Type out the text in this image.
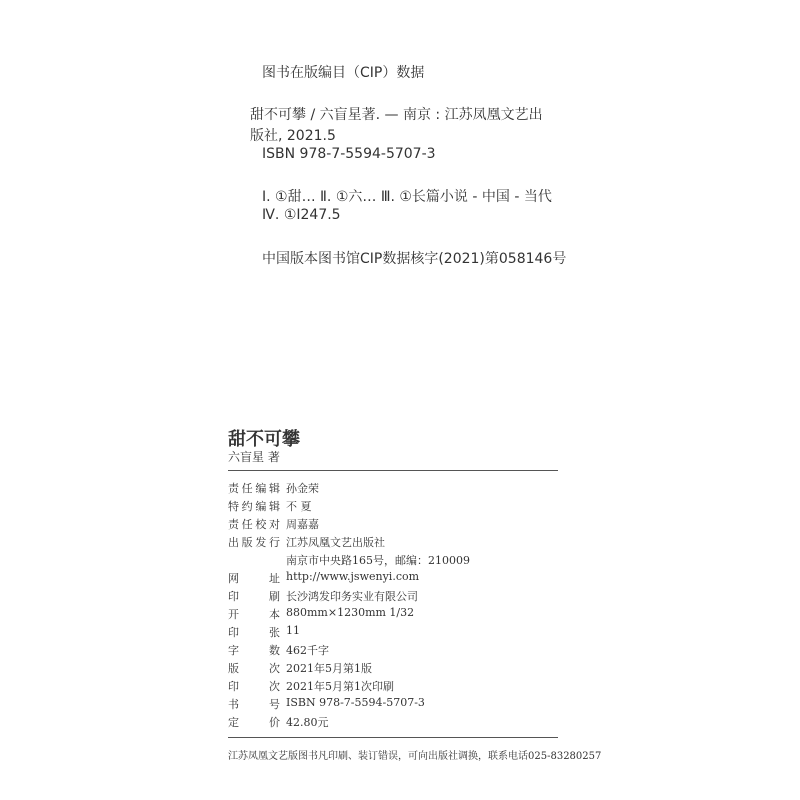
图书在版编目（CIP）数据
甜不可攀 / 六盲星著. — 南京 : 江苏凤凰文艺出
版社, 2021.5
ISBN 978-7-5594-5707-3
Ⅰ. ①甜… Ⅱ. ①六… Ⅲ. ①长篇小说 - 中国 - 当代
Ⅳ. ①I247.5
中国版本图书馆CIP数据核字(2021)第058146号
甜不可攀
六盲星 著
责 任 编 辑 孙金荣
特 约 编 辑 不 夏
责 任 校 对 周嘉嘉
出 版 发 行 江苏凤凰文艺出版社
南京市中央路165号，邮编：210009
网	址 http://www.jswenyi.com
印	刷 长沙鸿发印务实业有限公司
开	本 880mm×1230mm 1/32
印	张 11
字	数 462千字
版	次 2021年5月第1版
印	次 2021年5月第1次印刷
书	号 ISBN 978-7-5594-5707-3
定	价 42.80元
江苏凤凰文艺版图书凡印刷、装订错误，可向出版社调换，联系电话025-83280257
